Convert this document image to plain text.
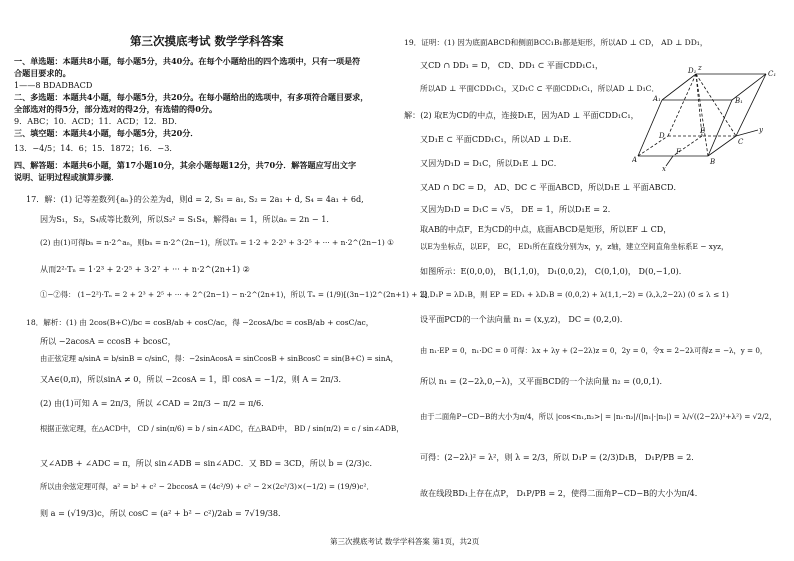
第三次摸底考试 数学学科答案
一、单选题：本题共8小题，每小题5分，共40分。在每个小题给出的四个选项中，只有一项是符
合题目要求的。
1——8 BDADBACD
二、多选题：本题共4小题，每小题5分，共20分。在每小题给出的选项中，有多项符合题目要求，
全部选对的得5分，部分选对的得2分，有选错的得0分。
9．ABC；10．ACD；11．ACD；12．BD．
三、填空题：本题共4小题，每小题5分，共20分．
13．−4/5；14．6；15．1872；16．−3．
四、解答题：本题共6小题，第17小题10分，其余小题每题12分，共70分．解答题应写出文字
说明、证明过程或演算步骤．
17．解：(1) 记等差数列{aₙ}的公差为d，则d = 2, S₁ = a₁, S₂ = 2a₁ + d, S₄ = 4a₁ + 6d,
因为S₁，S₂，S₄成等比数列，所以S₂² = S₁S₄，解得a₁ = 1，所以aₙ = 2n − 1．
(2) 由(1)可得bₙ = n·2^aₙ，则bₙ = n·2^(2n−1)，所以Tₙ = 1·2 + 2·2³ + 3·2⁵ + ··· + n·2^(2n−1) ①
从而2²·Tₙ = 1·2³ + 2·2⁵ + 3·2⁷ + ··· + n·2^(2n+1) ②
①−②得： (1−2²)·Tₙ = 2 + 2³ + 2⁵ + ··· + 2^(2n−1) − n·2^(2n+1)，所以 Tₙ = (1/9)[(3n−1)2^(2n+1) + 2]．
18．解析：(1) 由 2cos(B+C)/bc = cosB/ab + cosC/ac，得 −2cosA/bc = cosB/ab + cosC/ac，
所以 −2acosA = ccosB + bcosC，
由正弦定理 a/sinA = b/sinB = c/sinC，得：−2sinAcosA = sinCcosB + sinBcosC = sin(B+C) = sinA，
又A∈(0,π)，所以sinA ≠ 0，所以 −2cosA = 1，即 cosA = −1/2，则 A = 2π/3．
(2) 由(1)可知 A = 2π/3，所以 ∠CAD = 2π/3 − π/2 = π/6．
根据正弦定理，在△ACD中， CD / sin(π/6) = b / sin∠ADC，在△BAD中， BD / sin(π/2) = c / sin∠ADB，
又∠ADB + ∠ADC = π，所以 sin∠ADB = sin∠ADC．又 BD = 3CD，所以 b = (2/3)c．
所以由余弦定理可得，a² = b² + c² − 2bccosA = (4c²/9) + c² − 2×(2c²/3)×(−1/2) = (19/9)c²．
则 a = (√19/3)c，所以 cosC = (a² + b² − c²)/2ab = 7√19/38．
19．证明：(1) 因为底面ABCD和侧面BCC₁B₁都是矩形，所以AD ⊥ CD， AD ⊥ DD₁，
又CD ∩ DD₁ = D， CD、DD₁ ⊂ 平面CDD₁C₁，
所以AD ⊥ 平面CDD₁C₁，又D₁C ⊂ 平面CDD₁C₁，所以AD ⊥ D₁C．
解：(2) 取E为CD的中点，连接D₁E，因为AD ⊥ 平面CDD₁C₁，
又D₁E ⊂ 平面CDD₁C₁，所以AD ⊥ D₁E．
又因为D₁D = D₁C，所以D₁E ⊥ DC．
又AD ∩ DC = D， AD、DC ⊂ 平面ABCD，所以D₁E ⊥ 平面ABCD．
又因为D₁D = D₁C = √5， DE = 1，所以D₁E = 2．
取AB的中点F，E为CD的中点，底面ABCD是矩形，所以EF ⊥ CD，
以E为坐标点，以EF， EC， ED₁所在直线分别为x，y，z轴，建立空间直角坐标系E − xyz，
如图所示：E(0,0,0)， B(1,1,0)， D₁(0,0,2)， C(0,1,0)， D(0,−1,0)．
设 D₁P = λD₁B，则 EP = ED₁ + λD₁B = (0,0,2) + λ(1,1,−2) = (λ,λ,2−2λ) (0 ≤ λ ≤ 1)
设平面PCD的一个法向量 n₁ = (x,y,z)， DC = (0,2,0)．
由 n₁·EP = 0，n₁·DC = 0 可得：λx + λy + (2−2λ)z = 0，2y = 0，令x = 2−2λ可得z = −λ，y = 0，
所以 n₁ = (2−2λ,0,−λ)，又平面BCD的一个法向量 n₂ = (0,0,1)．
由于二面角P−CD−B的大小为π/4，所以 |cos<n₁,n₂>| = |n₁·n₂|/(|n₁|·|n₂|) = λ/√((2−2λ)²+λ²) = √2/2，
可得：(2−2λ)² = λ²，则 λ = 2/3，所以 D₁P = (2/3)D₁B， D₁P/PB = 2．
故在线段BD₁上存在点P， D₁P/PB = 2，使得二面角P−CD−B的大小为π/4．
D₁	C₁
A₁	B₁
D
E
C
y
F
A	B
x
z
第三次摸底考试 数学学科答案 第1页，共2页
